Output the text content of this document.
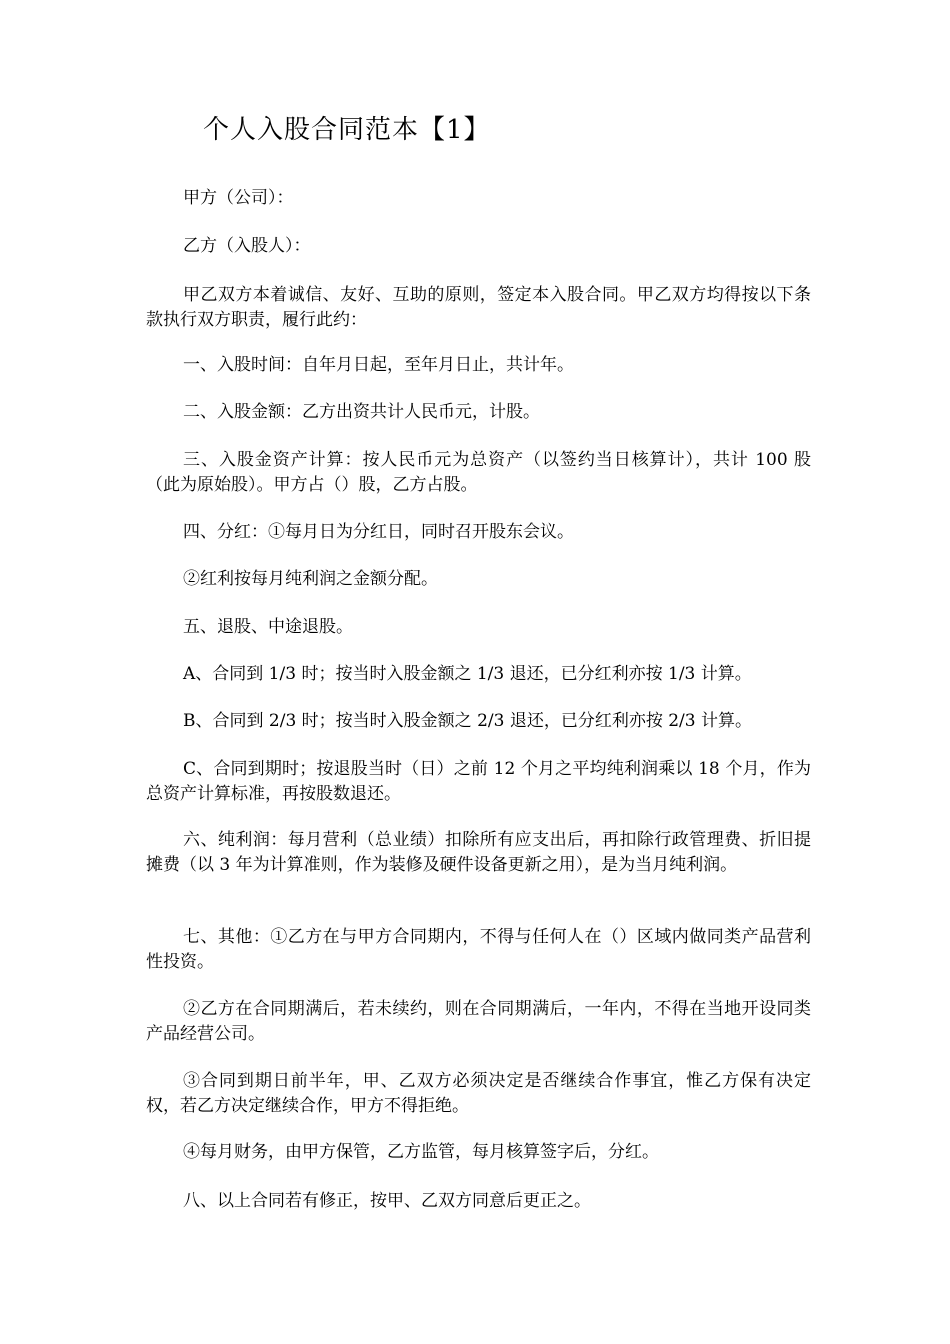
个人入股合同范本【1】
甲方（公司）：
乙方（入股人）：
甲乙双方本着诚信、友好、互助的原则，签定本入股合同。甲乙双方均得按以下条款执行双方职责，履行此约：
一、入股时间：自年月日起，至年月日止，共计年。
二、入股金额：乙方出资共计人民币元，计股。
三、入股金资产计算：按人民币元为总资产（以签约当日核算计），共计 100 股（此为原始股）。甲方占（）股，乙方占股。
四、分红：①每月日为分红日，同时召开股东会议。
②红利按每月纯利润之金额分配。
五、退股、中途退股。
A、合同到 1/3 时；按当时入股金额之 1/3 退还，已分红利亦按 1/3 计算。
B、合同到 2/3 时；按当时入股金额之 2/3 退还，已分红利亦按 2/3 计算。
C、合同到期时；按退股当时（日）之前 12 个月之平均纯利润乘以 18 个月，作为总资产计算标准，再按股数退还。
六、纯利润：每月营利（总业绩）扣除所有应支出后，再扣除行政管理费、折旧提摊费（以 3 年为计算准则，作为装修及硬件设备更新之用），是为当月纯利润。
七、其他：①乙方在与甲方合同期内，不得与任何人在（）区域内做同类产品营利性投资。
②乙方在合同期满后，若未续约，则在合同期满后，一年内，不得在当地开设同类产品经营公司。
③合同到期日前半年，甲、乙双方必须决定是否继续合作事宜，惟乙方保有决定权，若乙方决定继续合作，甲方不得拒绝。
④每月财务，由甲方保管，乙方监管，每月核算签字后，分红。
八、以上合同若有修正，按甲、乙双方同意后更正之。
